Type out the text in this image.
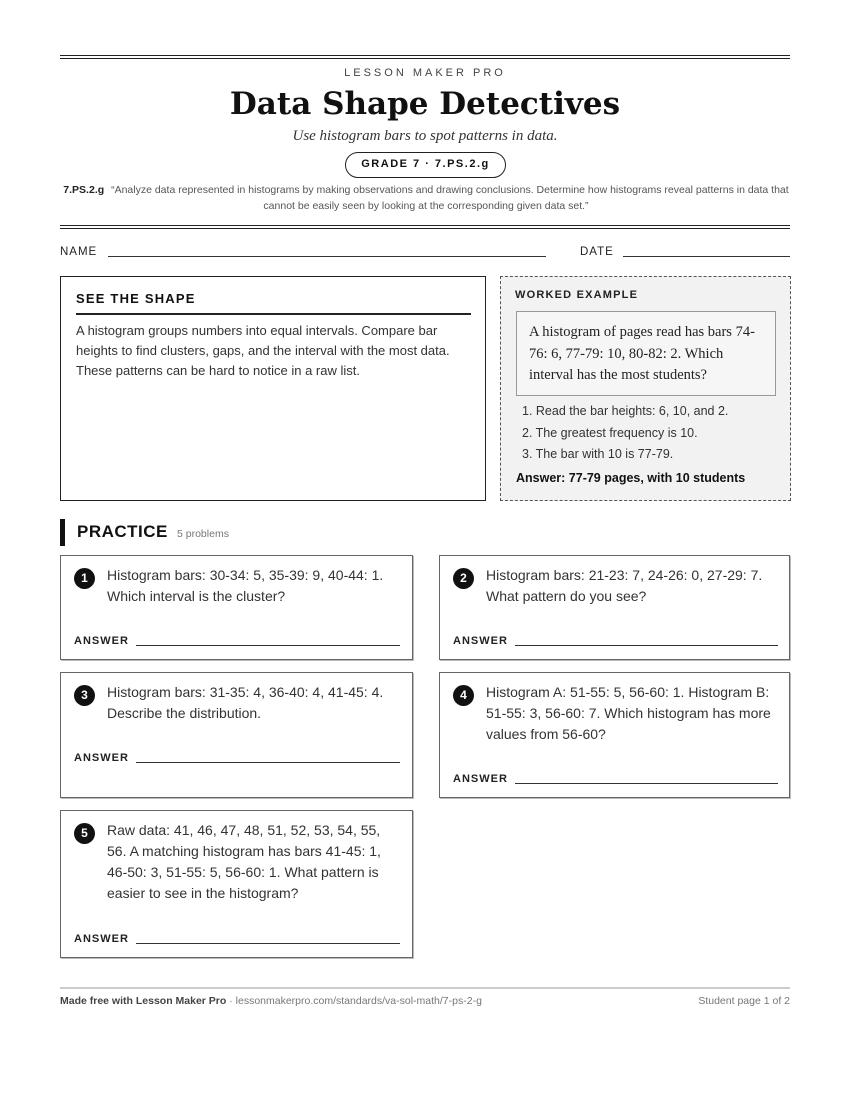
LESSON MAKER PRO
Data Shape Detectives
Use histogram bars to spot patterns in data.
GRADE 7 · 7.PS.2.g
7.PS.2.g “Analyze data represented in histograms by making observations and drawing conclusions. Determine how histograms reveal patterns in data that cannot be easily seen by looking at the corresponding given data set.”
NAME	DATE
SEE THE SHAPE
A histogram groups numbers into equal intervals. Compare bar heights to find clusters, gaps, and the interval with the most data. These patterns can be hard to notice in a raw list.
WORKED EXAMPLE
A histogram of pages read has bars 74-76: 6, 77-79: 10, 80-82: 2. Which interval has the most students?
1. Read the bar heights: 6, 10, and 2.
2. The greatest frequency is 10.
3. The bar with 10 is 77-79.
Answer: 77-79 pages, with 10 students
PRACTICE 5 problems
1	Histogram bars: 30-34: 5, 35-39: 9, 40-44: 1. Which interval is the cluster?
ANSWER
2	Histogram bars: 21-23: 7, 24-26: 0, 27-29: 7. What pattern do you see?
ANSWER
3	Histogram bars: 31-35: 4, 36-40: 4, 41-45: 4. Describe the distribution.
ANSWER
4	Histogram A: 51-55: 5, 56-60: 1. Histogram B: 51-55: 3, 56-60: 7. Which histogram has more values from 56-60?
ANSWER
5	Raw data: 41, 46, 47, 48, 51, 52, 53, 54, 55, 56. A matching histogram has bars 41-45: 1, 46-50: 3, 51-55: 5, 56-60: 1. What pattern is easier to see in the histogram?
ANSWER
Made free with Lesson Maker Pro · lessonmakerpro.com/standards/va-sol-math/7-ps-2-g	Student page 1 of 2
